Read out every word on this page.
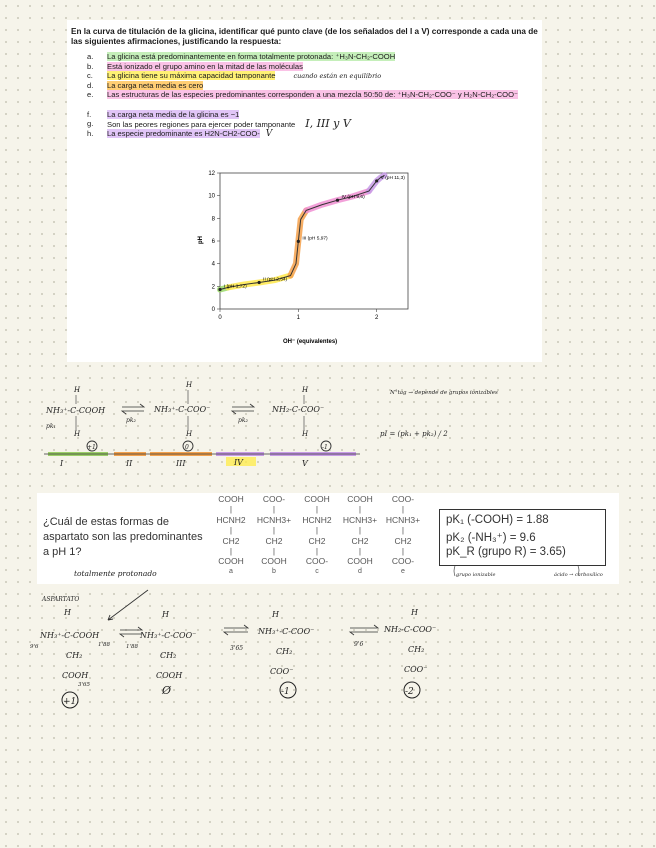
En la curva de titulación de la glicina, identificar qué punto clave (de los señalados del I a V) corresponde a cada una de las siguientes afirmaciones, justificando la respuesta:
a.	La glicina está predominantemente en forma totalmente protonada: ⁺H₃N-CH₂-COOH
b.	Está ionizado el grupo amino en la mitad de las moléculas
c.	La glicina tiene su máxima capacidad tamponante	cuando están en equilibrio
d.	La carga neta media es cero
e.	Las estructuras de las especies predominantes corresponden a una mezcla 50:50 de: ⁺H₃N-CH₂-COO⁻ y H₂N-CH₂-COO⁻
f.	La carga neta media de la glicina es −1
g.	Son las peores regiones para ejercer poder tamponante I, III y V
h.	La especie predominante es H2N-CH2-COO- V
0
2
4
6
8
10
12
0	1	2
I (pH 1,72)
II (pH 2,34)
III (pH 5,97)
IV (pH 9,6)
V (pH 11,3)
pH
OH⁻ (equivalentes)
H
H
H
NH₃⁺-C-COOH	NH₃⁺-C-COO⁻	NH₂-C-COO⁻
pk₁
pk₂	pk₂
H	H	H
N°tag → depende de grupos ionizables
pI = (pk₁ + pk₂) / 2
+1	0	-1
I	II	III	IV	V
¿Cuál de estas formas de aspartato son las predominantes a pH 1?
COOH
|
HCNH2
|
CH2
|
COOH
a
COO-
|
HCNH3+
|
CH2
|
COOH
b
COOH
|
HCNH2
|
CH2
|
COO-
c
COOH
|
HCNH3+
|
CH2
|
COOH
d
COO-
|
HCNH3+
|
CH2
|
COO-
e
pK₁ (-COOH) = 1.88
pK₂ (-NH₃⁺) = 9.6
pK_R (grupo R) = 3.65)
totalmente protonado	grupo ionizable	ácido → carboxílico
ASPARTATO
H
NH₃⁺-C-COOH
CH₂
COOH
H
NH₃⁺-C-COO⁻
CH₂
COOH
H
NH₃⁺-C-COO⁻
CH₂
COO⁻
H
NH₂-C-COO⁻
CH₂
COO⁻
9'6	1'88	1'88
3'65
3'65
9'6
+1
Ø	-1	-2
